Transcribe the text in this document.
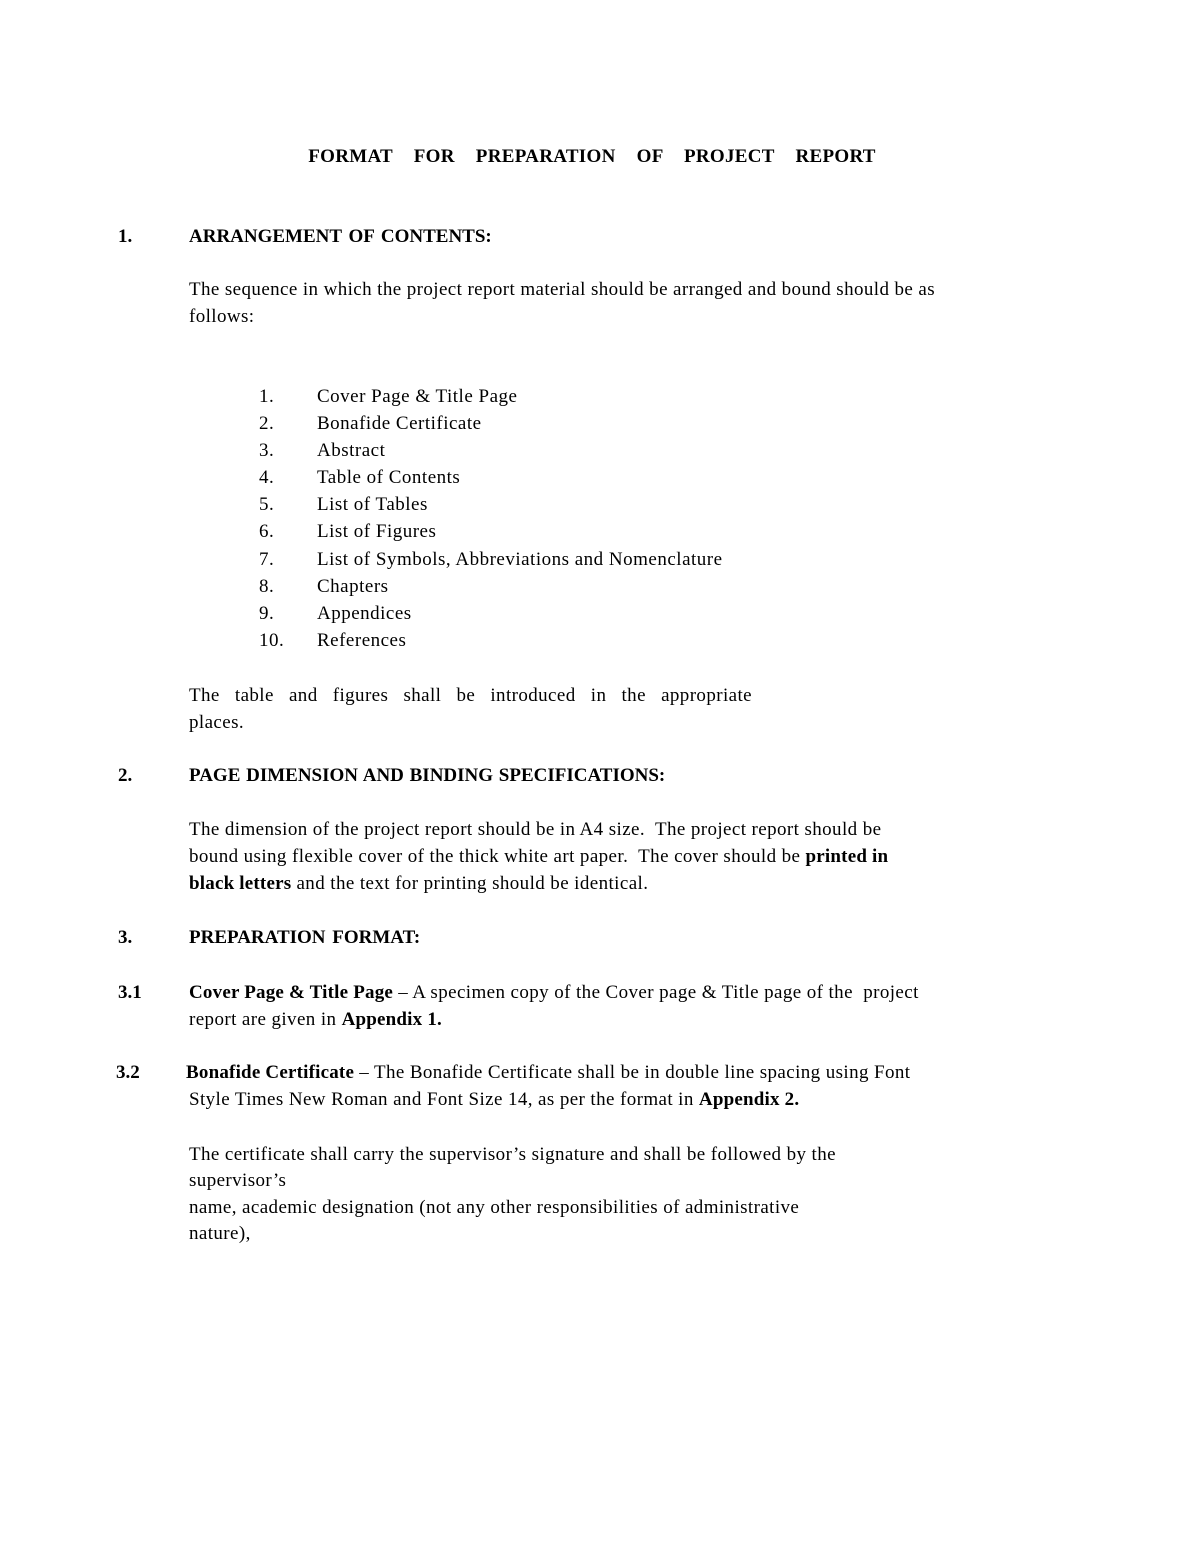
FORMAT FOR PREPARATION OF PROJECT REPORT
1.	ARRANGEMENT OF CONTENTS:
The sequence in which the project report material should be arranged and bound should be as
follows:
1.	Cover Page & Title Page
2.	Bonafide Certificate
3.	Abstract
4.	Table of Contents
5.	List of Tables
6.	List of Figures
7.	List of Symbols, Abbreviations and Nomenclature
8.	Chapters
9.	Appendices
10.	References
The table and figures shall be introduced in the appropriate
places.
2.	PAGE DIMENSION AND BINDING SPECIFICATIONS:
The dimension of the project report should be in A4 size.  The project report should be
bound using flexible cover of the thick white art paper.  The cover should be printed in
black letters and the text for printing should be identical.
3.	PREPARATION FORMAT:
3.1 Cover Page & Title Page – A specimen copy of the Cover page & Title page of the  project
report are given in Appendix 1.
3.2 Bonafide Certificate – The Bonafide Certificate shall be in double line spacing using Font
Style Times New Roman and Font Size 14, as per the format in Appendix 2.
The certificate shall carry the supervisor’s signature and shall be followed by the
supervisor’s
name, academic designation (not any other responsibilities of administrative
nature),
